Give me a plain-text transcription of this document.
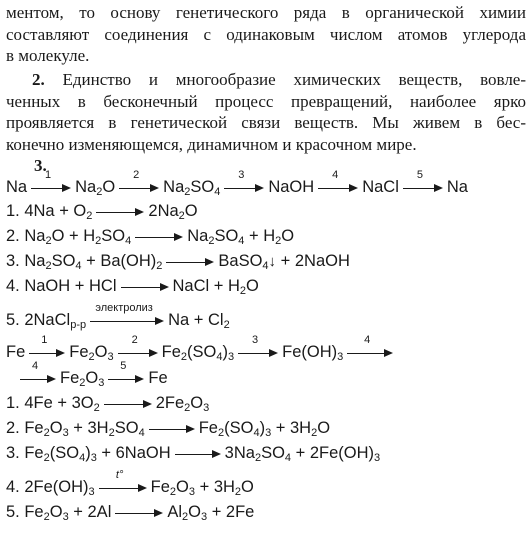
ментом, то основу генетического ряда в органической химии
составляют соединения с одинаковым числом атомов углерода
в молекуле.
2. Единство и многообразие химических веществ, вовле-
ченных в бесконечный процесс превращений, наиболее ярко
проявляется в генетической связи веществ. Мы живем в бес-
конечно изменяющемся, динамичном и красочном мире.
3.
Na
1
$Na_2O$
2
$Na_2SO_4$
3
NaOH
4
NaCl
5
Na
1. $4Na + O_2$	$2Na_2O$
2. $Na_2O + H_2SO_4$	$Na_2SO_4 + H_2O$
3. $Na_2SO_4 + Ba(OH)_2$	BaSO$_4$↓ + 2NaOH
4. NaOH + HCl	NaCl + $H_2O$
5. 2NaCl$_{p-p}$
электролиз
$Na + Cl_2$
Fe
1
$Fe_2O_3$
2
$Fe_2(SO_4)_3$
3
$Fe(OH)_3$
4
4
$Fe_2O_3$
5
Fe
1. $4Fe + 3O_2$	$2Fe_2O_3$
2. $Fe_2O_3 + 3H_2SO_4$	$Fe_2(SO_4)_3 + 3H_2O$
3. $Fe_2(SO_4)_3$ + 6NaOH	$3Na_2SO_4 + 2Fe(OH)_3$
4. $2Fe(OH)_3$
t°
$Fe_2O_3 + 3H_2O$
5. $Fe_2O_3 + 2Al$	$Al_2O_3 + 2Fe$
